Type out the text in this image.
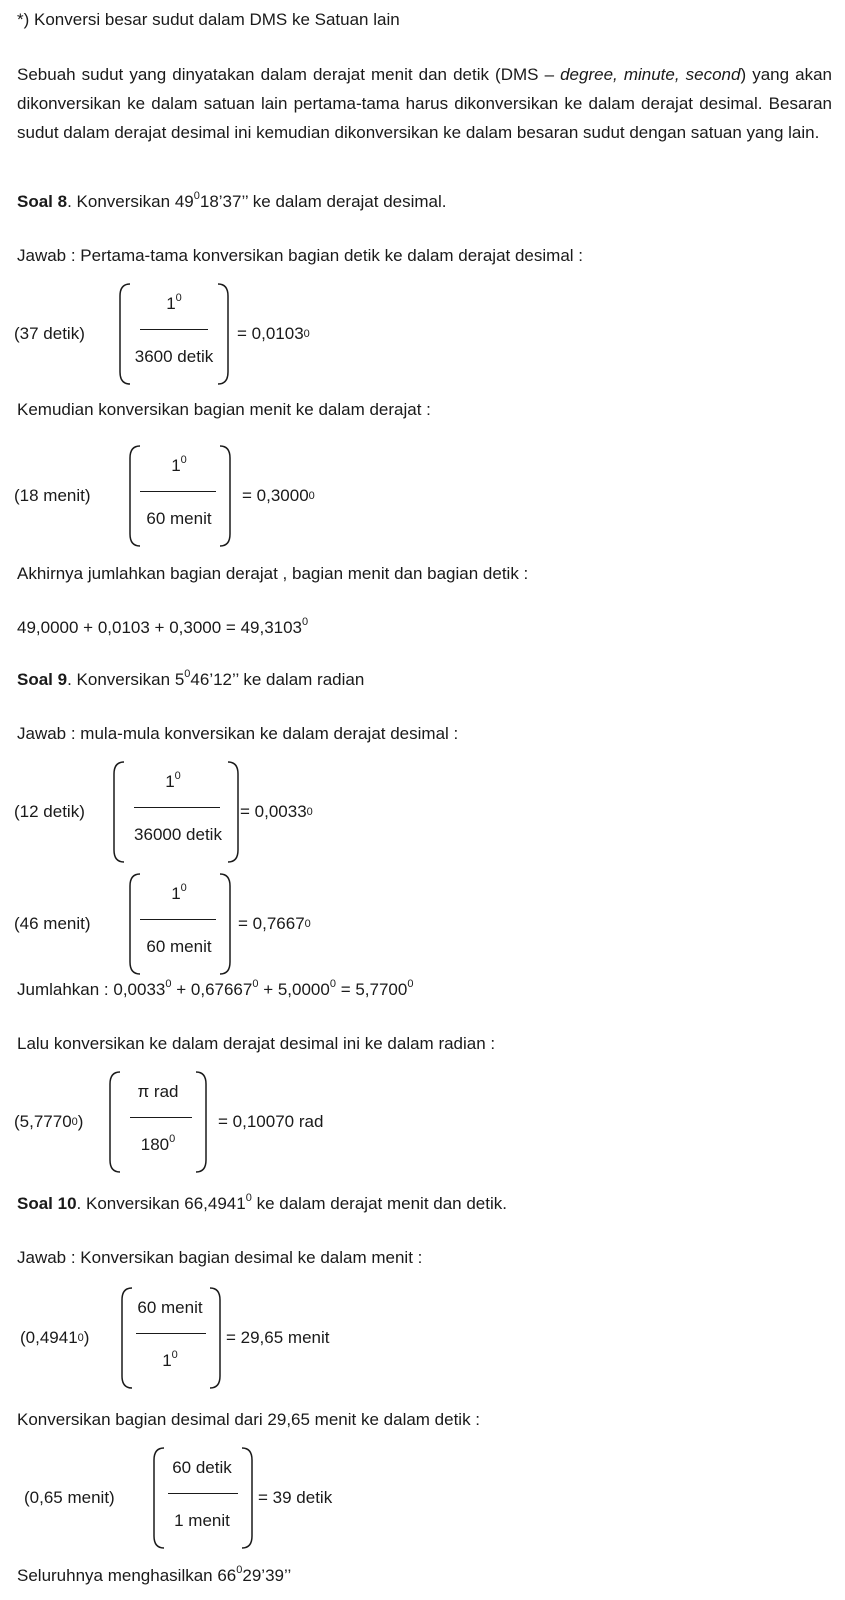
*) Konversi besar sudut dalam DMS ke Satuan lain

Sebuah sudut yang dinyatakan dalam derajat menit dan detik (DMS – degree, minute, second) yang akan dikonversikan ke dalam satuan lain pertama-tama harus dikonversikan ke dalam derajat desimal. Besaran sudut dalam derajat desimal ini kemudian dikonversikan ke dalam besaran sudut dengan satuan yang lain.

Soal 8. Konversikan $49^018’37$’’ ke dalam derajat desimal.
Jawab : Pertama-tama konversikan bagian detik ke dalam derajat desimal :
(37 detik)
$1^0$
3600 detik
= 0,0103 0
Kemudian konversikan bagian menit ke dalam derajat :
(18 menit)
$1^0$
60 menit
= 0,3000 0
Akhirnya jumlahkan bagian derajat , bagian menit dan bagian detik :
$49,0000 + 0,0103 + 0,3000 = 49,3103^0$
Soal 9. Konversikan $5^046’12$’’ ke dalam radian
Jawab : mula-mula konversikan ke dalam derajat desimal :
(12 detik)
$1^0$
36000 detik
= 0,0033 0
(46 menit)
$1^0$
60 menit
= 0,7667 0
Jumlahkan : $0,0033^0 + 0,67667^0 + 5,0000^0 = 5,7700^0$
Lalu konversikan ke dalam derajat desimal ini ke dalam radian :
(5,7770 0 )
π rad
$180^0$
= 0,10070 rad
Soal 10. Konversikan 66,4941$^0$ ke dalam derajat menit dan detik.
Jawab : Konversikan bagian desimal ke dalam menit :
(0,4941 0 )
60 menit
$1^0$
= 29,65 menit
Konversikan bagian desimal dari 29,65 menit ke dalam detik :
(0,65 menit)
60 detik
1 menit
= 39 detik
Seluruhnya menghasilkan $66^029’39$’’
